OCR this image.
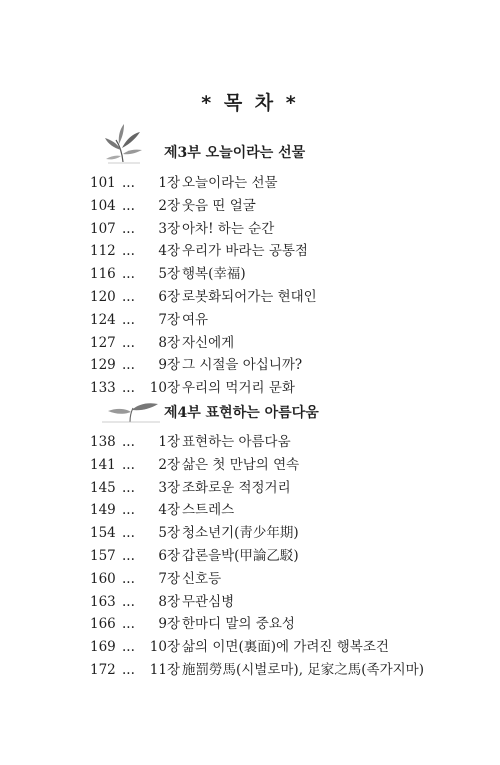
* 목 차 *
제3부 오늘이라는 선물
101 ...	1장 오늘이라는 선물
104 ...	2장 웃음 띤 얼굴
107 ...	3장 아차! 하는 순간
112 ...	4장 우리가 바라는 공통점
116 ...	5장 행복(幸福)
120 ...	6장 로봇화되어가는 현대인
124 ...	7장 여유
127 ...	8장 자신에게
129 ...	9장 그 시절을 아십니까?
133 ...	10장 우리의 먹거리 문화
제4부 표현하는 아름다움
138 ...	1장 표현하는 아름다움
141 ...	2장 삶은 첫 만남의 연속
145 ...	3장 조화로운 적정거리
149 ...	4장 스트레스
154 ...	5장 청소년기(靑少年期)
157 ...	6장 갑론을박(甲論乙駁)
160 ...	7장 신호등
163 ...	8장 무관심병
166 ...	9장 한마디 말의 중요성
169 ...	10장 삶의 이면(裏面)에 가려진 행복조건
172 ...	11장 施罰勞馬(시벌로마), 足家之馬(족가지마)
